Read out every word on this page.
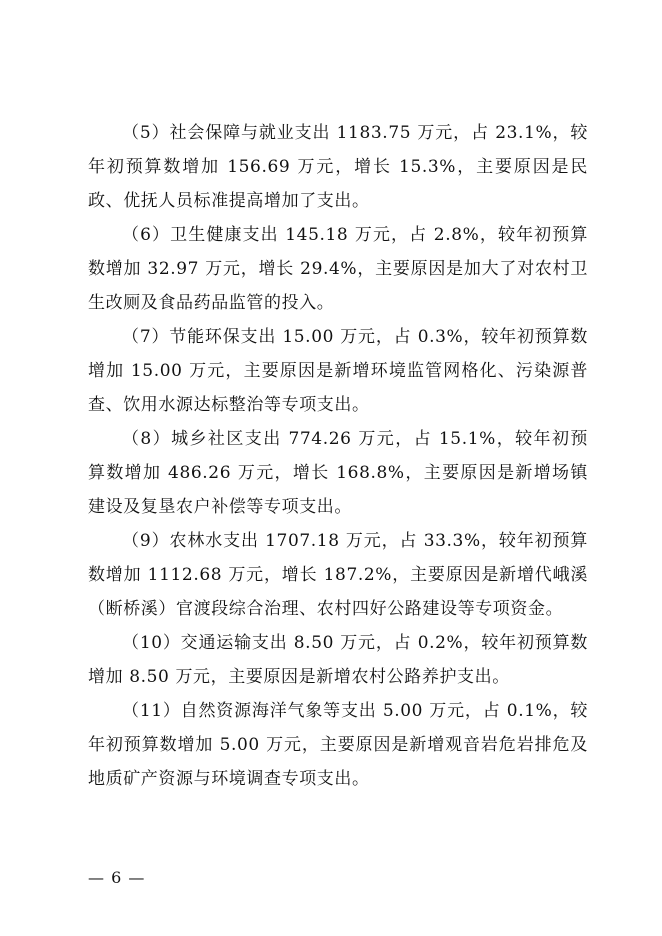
（5）社会保障与就业支出 1183.75 万元，占 23.1%，较年初预算数增加 156.69 万元，增长 15.3%，主要原因是民政、优抚人员标准提高增加了支出。

（6）卫生健康支出 145.18 万元，占 2.8%，较年初预算数增加 32.97 万元，增长 29.4%，主要原因是加大了对农村卫生改厕及食品药品监管的投入。

（7）节能环保支出 15.00 万元，占 0.3%，较年初预算数增加 15.00 万元，主要原因是新增环境监管网格化、污染源普查、饮用水源达标整治等专项支出。

（8）城乡社区支出 774.26 万元，占 15.1%，较年初预算数增加 486.26 万元，增长 168.8%，主要原因是新增场镇建设及复垦农户补偿等专项支出。

（9）农林水支出 1707.18 万元，占 33.3%，较年初预算数增加 1112.68 万元，增长 187.2%，主要原因是新增代峨溪（断桥溪）官渡段综合治理、农村四好公路建设等专项资金。

（10）交通运输支出 8.50 万元，占 0.2%，较年初预算数增加 8.50 万元，主要原因是新增农村公路养护支出。

（11）自然资源海洋气象等支出 5.00 万元，占 0.1%，较年初预算数增加 5.00 万元，主要原因是新增观音岩危岩排危及地质矿产资源与环境调查专项支出。

— 6 —
